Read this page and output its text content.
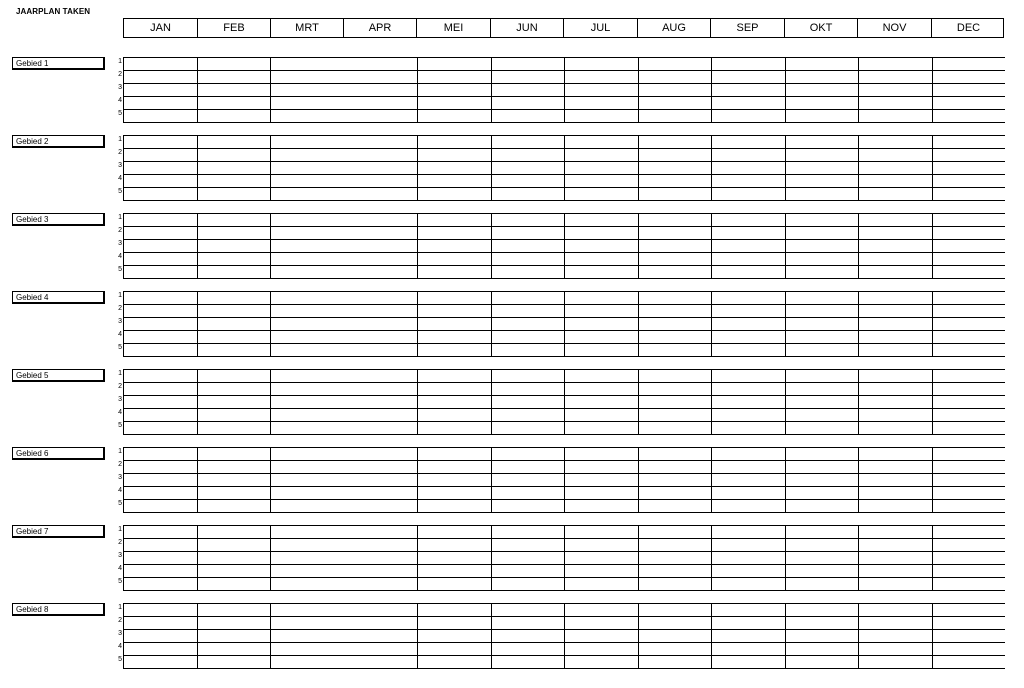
JAARPLAN TAKEN
JAN	FEB	MRT	APR	MEI	JUN	JUL	AUG	SEP	OKT	NOV	DEC
Gebied 1	1
2
3
4
5
Gebied 2	1
2
3
4
5
Gebied 3	1
2
3
4
5
Gebied 4	1
2
3
4
5
Gebied 5	1
2
3
4
5
Gebied 6	1
2
3
4
5
Gebied 7	1
2
3
4
5
Gebied 8	1
2
3
4
5
